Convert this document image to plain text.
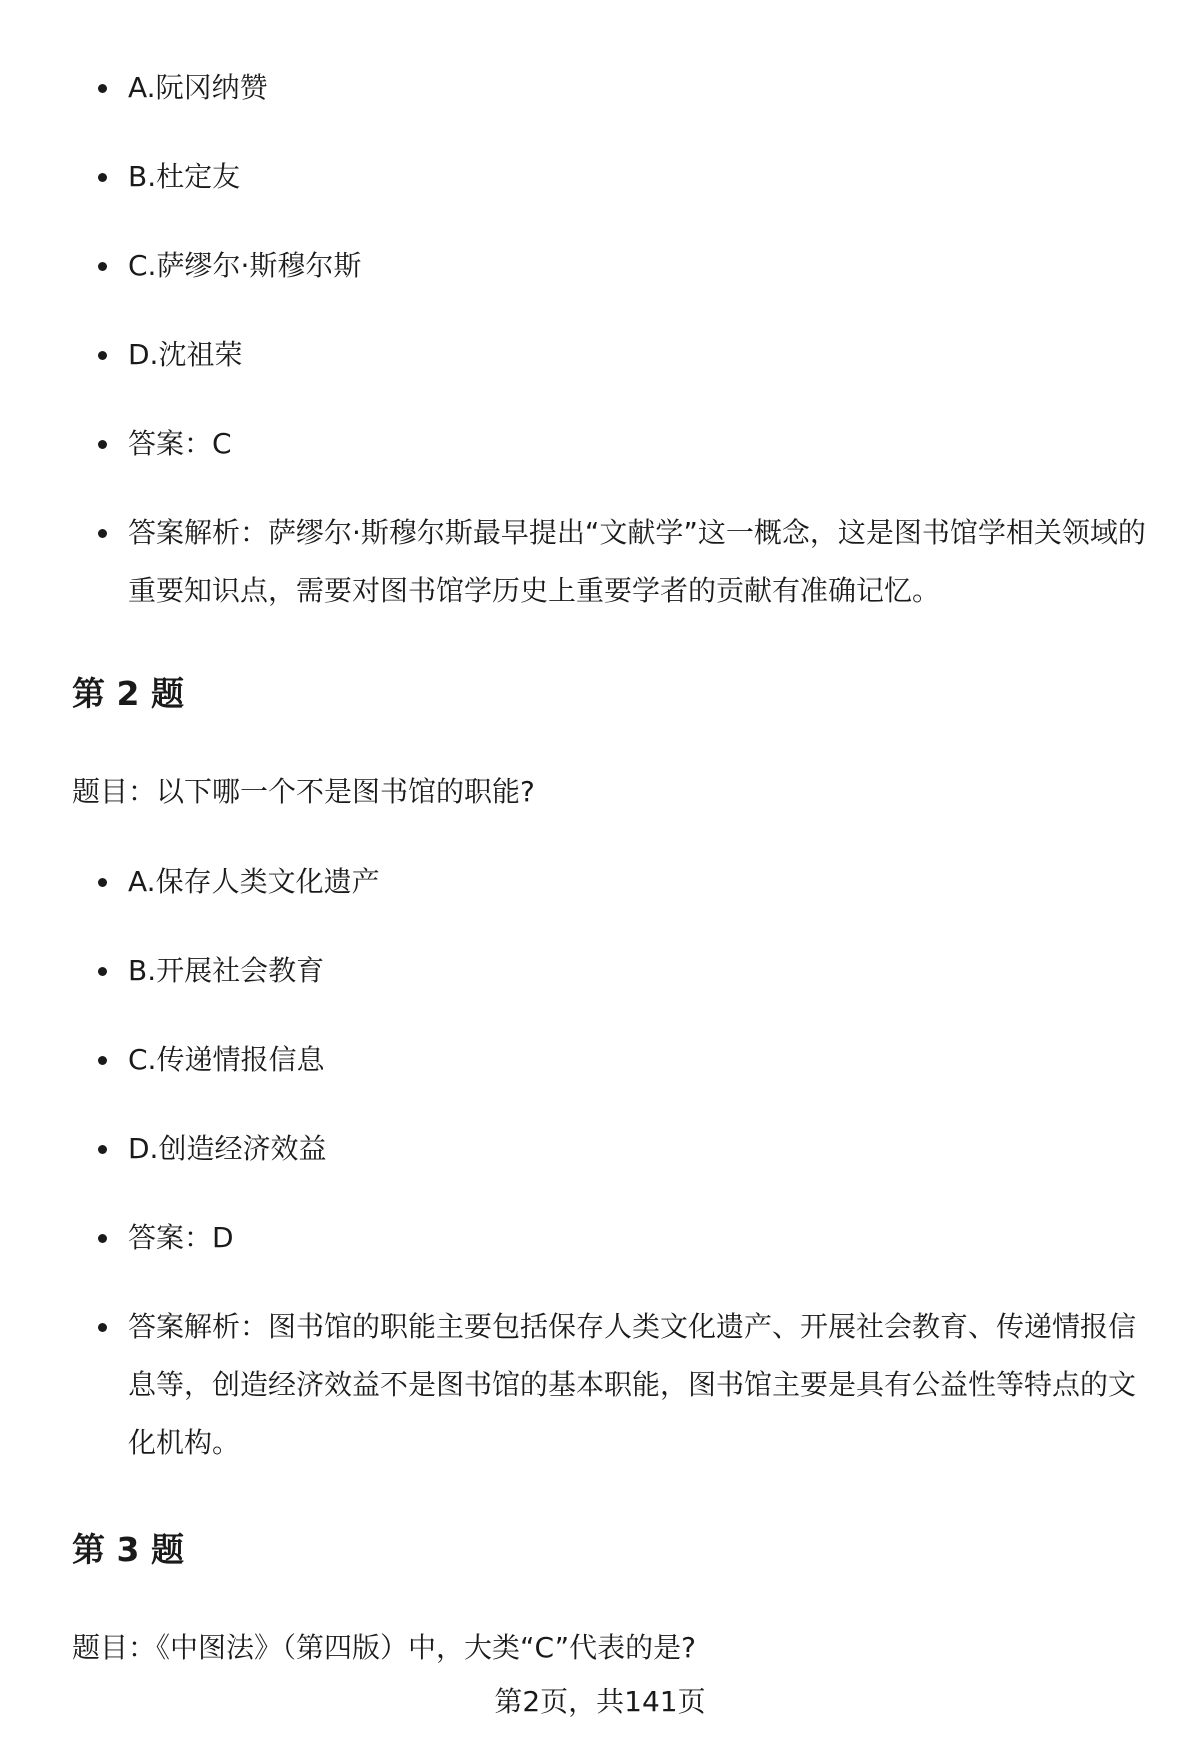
A.阮冈纳赞
B.杜定友
C.萨缪尔·斯穆尔斯
D.沈祖荣
答案：C
答案解析：萨缪尔·斯穆尔斯最早提出“文献学”这一概念，这是图书馆学相关领域的重要知识点，需要对图书馆学历史上重要学者的贡献有准确记忆。
第 2 题
题目：以下哪一个不是图书馆的职能?
A.保存人类文化遗产
B.开展社会教育
C.传递情报信息
D.创造经济效益
答案：D
答案解析：图书馆的职能主要包括保存人类文化遗产、开展社会教育、传递情报信息等，创造经济效益不是图书馆的基本职能，图书馆主要是具有公益性等特点的文化机构。
第 3 题
题目：《中图法》（第四版）中，大类“C”代表的是?
第2页，共141页
